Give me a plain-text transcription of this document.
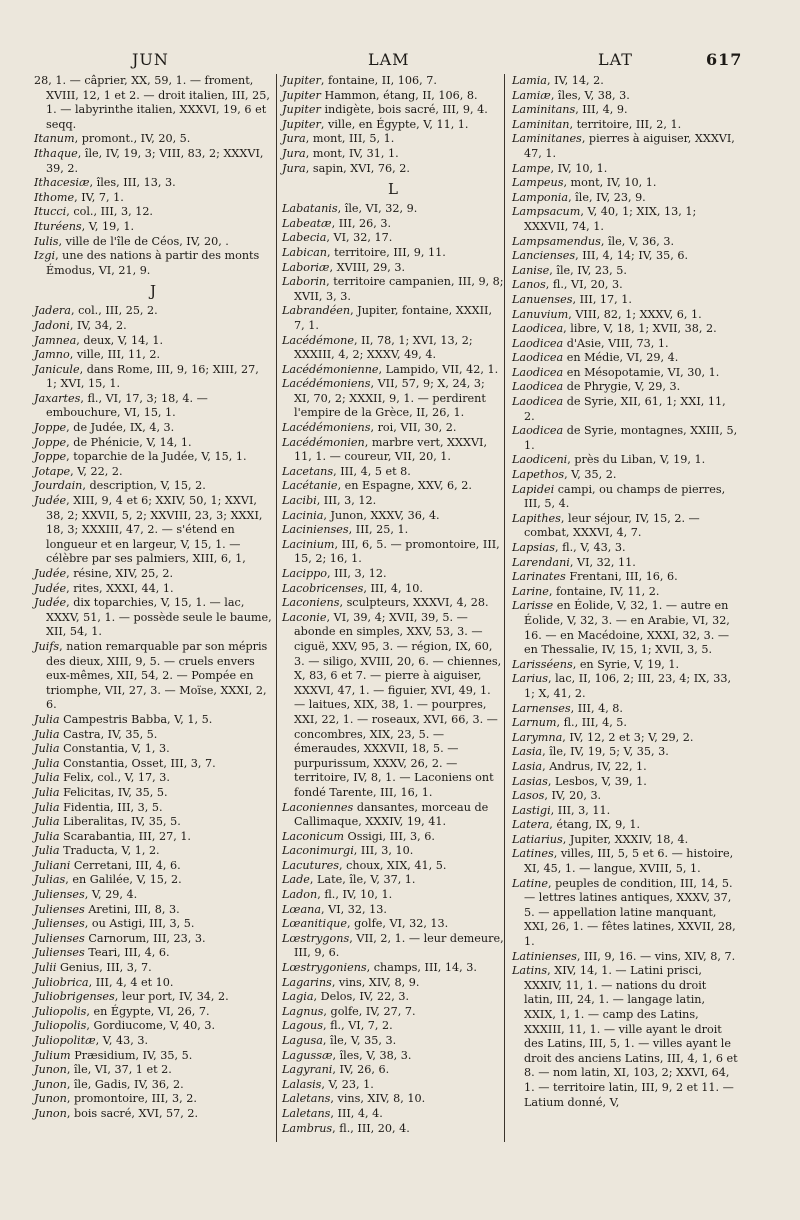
JUN	LAM	LAT	617
28, 1. — câprier, XX, 59, 1. — froment, XVIII, 12, 1 et 2. — droit italien, III, 25, 1. — labyrinthe italien, XXXVI, 19, 6 et seqq.
Itanum, promont., IV, 20, 5.
Ithaque, île, IV, 19, 3; VIII, 83, 2; XXXVI, 39, 2.
Ithacesiæ, îles, III, 13, 3.
Ithome, IV, 7, 1.
Itucci, col., III, 3, 12.
Ituréens, V, 19, 1.
Iulis, ville de l'île de Céos, IV, 20, .
Izgi, une des nations à partir des monts Émodus, VI, 21, 9.
J
Jadera, col., III, 25, 2.
Jadoni, IV, 34, 2.
Jamnea, deux, V, 14, 1.
Jamno, ville, III, 11, 2.
Janicule, dans Rome, III, 9, 16; XIII, 27, 1; XVI, 15, 1.
Jaxartes, fl., VI, 17, 3; 18, 4. — embouchure, VI, 15, 1.
Joppe, de Judée, IX, 4, 3.
Joppe, de Phénicie, V, 14, 1.
Joppe, toparchie de la Judée, V, 15, 1.
Jotape, V, 22, 2.
Jourdain, description, V, 15, 2.
Judée, XIII, 9, 4 et 6; XXIV, 50, 1; XXVI, 38, 2; XXVII, 5, 2; XXVIII, 23, 3; XXXI, 18, 3; XXXIII, 47, 2. — s'étend en longueur et en largeur, V, 15, 1. — célèbre par ses palmiers, XIII, 6, 1,
Judée, résine, XIV, 25, 2.
Judée, rites, XXXI, 44, 1.
Judée, dix toparchies, V, 15, 1. — lac, XXXV, 51, 1. — possède seule le baume, XII, 54, 1.
Juifs, nation remarquable par son mépris des dieux, XIII, 9, 5. — cruels envers eux-mêmes, XII, 54, 2. — Pompée en triomphe, VII, 27, 3. — Moïse, XXXI, 2, 6.
Julia Campestris Babba, V, 1, 5.
Julia Castra, IV, 35, 5.
Julia Constantia, V, 1, 3.
Julia Constantia, Osset, III, 3, 7.
Julia Felix, col., V, 17, 3.
Julia Felicitas, IV, 35, 5.
Julia Fidentia, III, 3, 5.
Julia Liberalitas, IV, 35, 5.
Julia Scarabantia, III, 27, 1.
Julia Traducta, V, 1, 2.
Juliani Cerretani, III, 4, 6.
Julias, en Galilée, V, 15, 2.
Julienses, V, 29, 4.
Julienses Aretini, III, 8, 3.
Julienses, ou Astigi, III, 3, 5.
Julienses Carnorum, III, 23, 3.
Julienses Teari, III, 4, 6.
Julii Genius, III, 3, 7.
Juliobrica, III, 4, 4 et 10.
Juliobrigenses, leur port, IV, 34, 2.
Juliopolis, en Égypte, VI, 26, 7.
Juliopolis, Gordiucome, V, 40, 3.
Juliopolitæ, V, 43, 3.
Julium Præsidium, IV, 35, 5.
Junon, île, VI, 37, 1 et 2.
Junon, île, Gadis, IV, 36, 2.
Junon, promontoire, III, 3, 2.
Junon, bois sacré, XVI, 57, 2.
Jupiter, fontaine, II, 106, 7.
Jupiter Hammon, étang, II, 106, 8.
Jupiter indigète, bois sacré, III, 9, 4.
Jupiter, ville, en Égypte, V, 11, 1.
Jura, mont, III, 5, 1.
Jura, mont, IV, 31, 1.
Jura, sapin, XVI, 76, 2.
L
Labatanis, île, VI, 32, 9.
Labeatæ, III, 26, 3.
Labecia, VI, 32, 17.
Labican, territoire, III, 9, 11.
Laboriæ, XVIII, 29, 3.
Laborin, territoire campanien, III, 9, 8; XVII, 3, 3.
Labrandéen, Jupiter, fontaine, XXXII, 7, 1.
Lacédémone, II, 78, 1; XVI, 13, 2; XXXIII, 4, 2; XXXV, 49, 4.
Lacédémonienne, Lampido, VII, 42, 1.
Lacédémoniens, VII, 57, 9; X, 24, 3; XI, 70, 2; XXXII, 9, 1. — perdirent l'empire de la Grèce, II, 26, 1.
Lacédémoniens, roi, VII, 30, 2.
Lacédémonien, marbre vert, XXXVI, 11, 1. — coureur, VII, 20, 1.
Lacetans, III, 4, 5 et 8.
Lacétanie, en Espagne, XXV, 6, 2.
Lacibi, III, 3, 12.
Lacinia, Junon, XXXV, 36, 4.
Lacinienses, III, 25, 1.
Lacinium, III, 6, 5. — promontoire, III, 15, 2; 16, 1.
Lacippo, III, 3, 12.
Lacobricenses, III, 4, 10.
Laconiens, sculpteurs, XXXVI, 4, 28.
Laconie, VI, 39, 4; XVII, 39, 5. — abonde en simples, XXV, 53, 3. — ciguë, XXV, 95, 3. — région, IX, 60, 3. — siligo, XVIII, 20, 6. — chiennes, X, 83, 6 et 7. — pierre à aiguiser, XXXVI, 47, 1. — figuier, XVI, 49, 1. — laitues, XIX, 38, 1. — pourpres, XXI, 22, 1. — roseaux, XVI, 66, 3. — concombres, XIX, 23, 5. — émeraudes, XXXVII, 18, 5. — purpurissum, XXXV, 26, 2. — territoire, IV, 8, 1. — Laconiens ont fondé Tarente, III, 16, 1.
Laconiennes dansantes, morceau de Callimaque, XXXIV, 19, 41.
Laconicum Ossigi, III, 3, 6.
Laconimurgi, III, 3, 10.
Lacutures, choux, XIX, 41, 5.
Lade, Late, île, V, 37, 1.
Ladon, fl., IV, 10, 1.
Lœana, VI, 32, 13.
Lœanitique, golfe, VI, 32, 13.
Lœstrygons, VII, 2, 1. — leur demeure, III, 9, 6.
Lœstrygoniens, champs, III, 14, 3.
Lagarins, vins, XIV, 8, 9.
Lagia, Delos, IV, 22, 3.
Lagnus, golfe, IV, 27, 7.
Lagous, fl., VI, 7, 2.
Lagusa, île, V, 35, 3.
Lagussæ, îles, V, 38, 3.
Lagyrani, IV, 26, 6.
Lalasis, V, 23, 1.
Laletans, vins, XIV, 8, 10.
Laletans, III, 4, 4.
Lambrus, fl., III, 20, 4.
Lamia, IV, 14, 2.
Lamiæ, îles, V, 38, 3.
Laminitans, III, 4, 9.
Laminitan, territoire, III, 2, 1.
Laminitanes, pierres à aiguiser, XXXVI, 47, 1.
Lampe, IV, 10, 1.
Lampeus, mont, IV, 10, 1.
Lamponia, île, IV, 23, 9.
Lampsacum, V, 40, 1; XIX, 13, 1; XXXVII, 74, 1.
Lampsamendus, île, V, 36, 3.
Lancienses, III, 4, 14; IV, 35, 6.
Lanise, île, IV, 23, 5.
Lanos, fl., VI, 20, 3.
Lanuenses, III, 17, 1.
Lanuvium, VIII, 82, 1; XXXV, 6, 1.
Laodicea, libre, V, 18, 1; XVII, 38, 2.
Laodicea d'Asie, VIII, 73, 1.
Laodicea en Médie, VI, 29, 4.
Laodicea en Mésopotamie, VI, 30, 1.
Laodicea de Phrygie, V, 29, 3.
Laodicea de Syrie, XII, 61, 1; XXI, 11, 2.
Laodicea de Syrie, montagnes, XXIII, 5, 1.
Laodiceni, près du Liban, V, 19, 1.
Lapethos, V, 35, 2.
Lapidei campi, ou champs de pierres, III, 5, 4.
Lapithes, leur séjour, IV, 15, 2. — combat, XXXVI, 4, 7.
Lapsias, fl., V, 43, 3.
Larendani, VI, 32, 11.
Larinates Frentani, III, 16, 6.
Larine, fontaine, IV, 11, 2.
Larisse en Éolide, V, 32, 1. — autre en Éolide, V, 32, 3. — en Arabie, VI, 32, 16. — en Macédoine, XXXI, 32, 3. — en Thessalie, IV, 15, 1; XVII, 3, 5.
Larisséens, en Syrie, V, 19, 1.
Larius, lac, II, 106, 2; III, 23, 4; IX, 33, 1; X, 41, 2.
Larnenses, III, 4, 8.
Larnum, fl., III, 4, 5.
Larymna, IV, 12, 2 et 3; V, 29, 2.
Lasia, île, IV, 19, 5; V, 35, 3.
Lasia, Andrus, IV, 22, 1.
Lasias, Lesbos, V, 39, 1.
Lasos, IV, 20, 3.
Lastigi, III, 3, 11.
Latera, étang, IX, 9, 1.
Latiarius, Jupiter, XXXIV, 18, 4.
Latines, villes, III, 5, 5 et 6. — histoire, XI, 45, 1. — langue, XVIII, 5, 1.
Latine, peuples de condition, III, 14, 5. — lettres latines antiques, XXXV, 37, 5. — appellation latine manquant, XXI, 26, 1. — fêtes latines, XXVII, 28, 1.
Latinienses, III, 9, 16. — vins, XIV, 8, 7.
Latins, XIV, 14, 1. — Latini prisci, XXXIV, 11, 1. — nations du droit latin, III, 24, 1. — langage latin, XXIX, 1, 1. — camp des Latins, XXXIII, 11, 1. — ville ayant le droit des Latins, III, 5, 1. — villes ayant le droit des anciens Latins, III, 4, 1, 6 et 8. — nom latin, XI, 103, 2; XXVI, 64, 1. — territoire latin, III, 9, 2 et 11. — Latium donné, V,
